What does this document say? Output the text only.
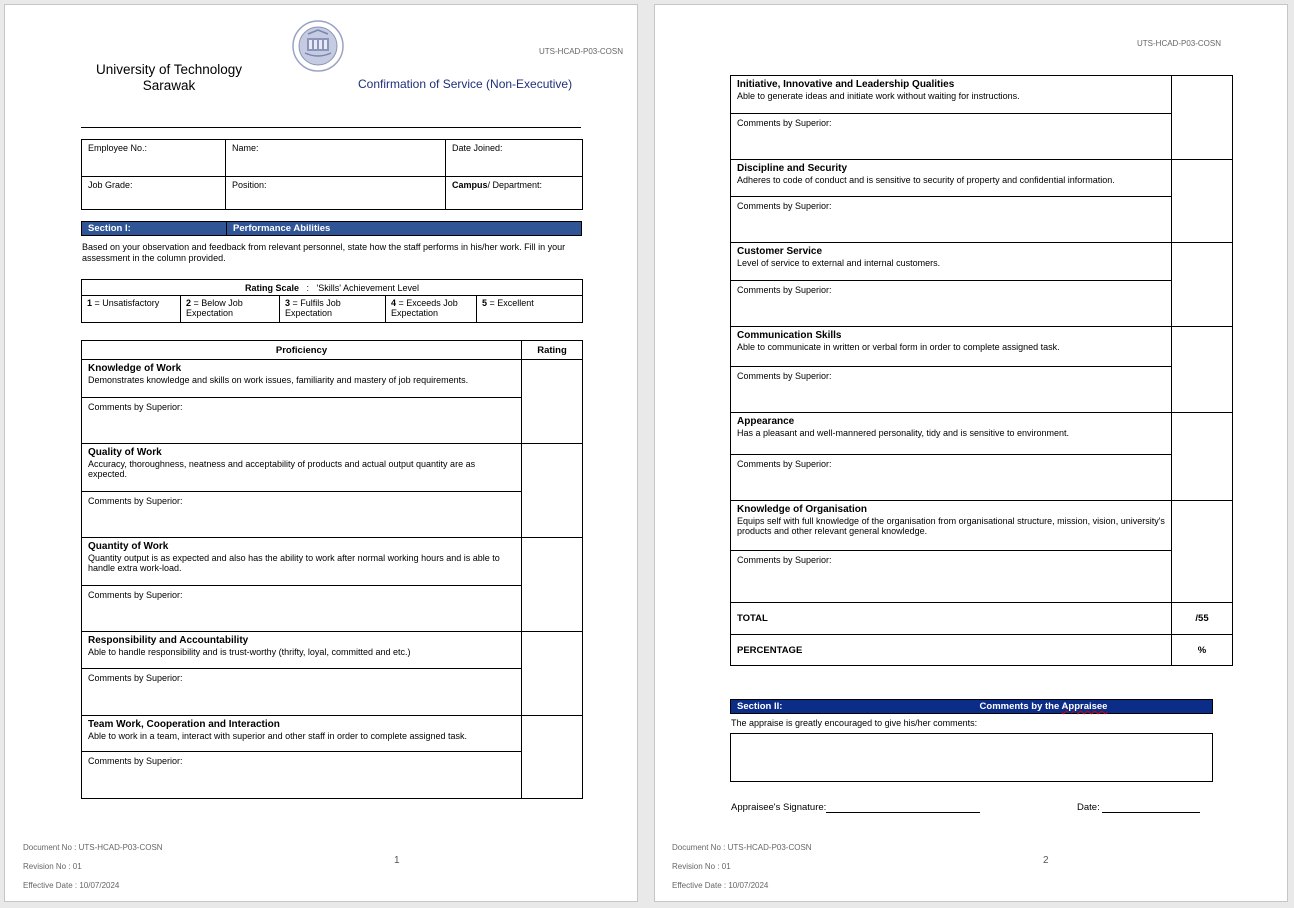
UTS-HCAD-P03-COSN
University of Technology
Sarawak	Confirmation of Service (Non-Executive)
Employee No.:	Name:	Date Joined:
Job Grade:	Position:	Campus/ Department:
Section I:	Performance Abilities
Based on your observation and feedback from relevant personnel, state how the staff performs in his/her work. Fill in your assessment in the column provided.
Rating Scale : 'Skills' Achievement Level
1 = Unsatisfactory	2 = Below Job Expectation	3 = Fulfils Job Expectation	4 = Exceeds Job Expectation	5 = Excellent
Proficiency	Rating

Knowledge of Work
Demonstrates knowledge and skills on work issues, familiarity and mastery of job requirements.	

Comments by Superior:	

Quality of Work
Accuracy, thoroughness, neatness and acceptability of products and actual output quantity are as expected.	

Comments by Superior:	

Quantity of Work
Quantity output is as expected and also has the ability to work after normal working hours and is able to handle extra work-load.	

Comments by Superior:	

Responsibility and Accountability
Able to handle responsibility and is trust-worthy (thrifty, loyal, committed and etc.)	

Comments by Superior:	

Team Work, Cooperation and Interaction
Able to work in a team, interact with superior and other staff in order to complete assigned task.	

Comments by Superior:	
Document No : UTS-HCAD-P03-COSN
Revision No : 01
Effective Date : 10/07/2024
1
UTS-HCAD-P03-COSN
Initiative, Innovative and Leadership Qualities
Able to generate ideas and initiate work without waiting for instructions.	

Comments by Superior:	

Discipline and Security
Adheres to code of conduct and is sensitive to security of property and confidential information.	

Comments by Superior:	

Customer Service
Level of service to external and internal customers.	

Comments by Superior:	

Communication Skills
Able to communicate in written or verbal form in order to complete assigned task.	

Comments by Superior:	

Appearance
Has a pleasant and well-mannered personality, tidy and is sensitive to environment.	

Comments by Superior:	

Knowledge of Organisation
Equips self with full knowledge of the organisation from organisational structure, mission, vision, university's products and other relevant general knowledge.	

Comments by Superior:	
TOTAL	/55
PERCENTAGE	%
Section II:	Comments by the Appraisee
The appraise is greatly encouraged to give his/her comments:
Appraisee's Signature:	Date:
Document No : UTS-HCAD-P03-COSN
Revision No : 01
Effective Date : 10/07/2024
2
